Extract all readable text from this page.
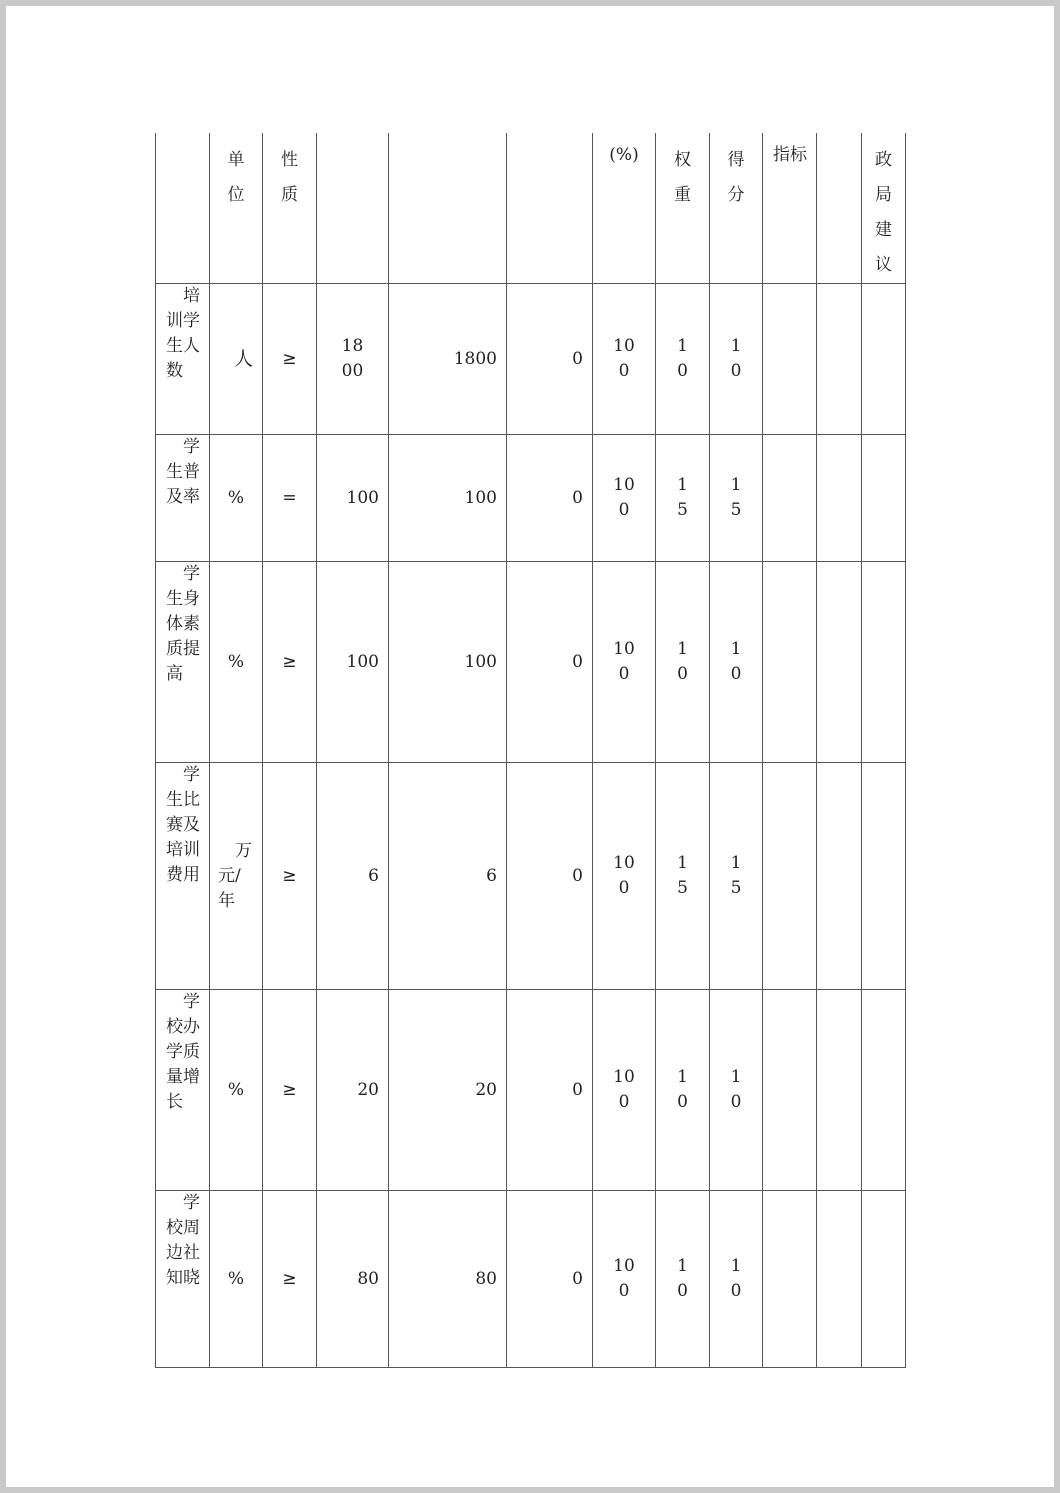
	单位	性质				(%)	权重	得分	指标		政局建议

培训学生人数	人	≥	1800	1800	0	100	10	10			

学生普及率	%	=	100	100	0	100	15	15			

学生身体素质提高	%	≥	100	100	0	100	10	10			

学生比赛及培训费用	万元/年	≥	6	6	0	100	15	15			

学校办学质量增长	%	≥	20	20	0	100	10	10			

学校周边社知晓	%	≥	80	80	0	100	10	10			
